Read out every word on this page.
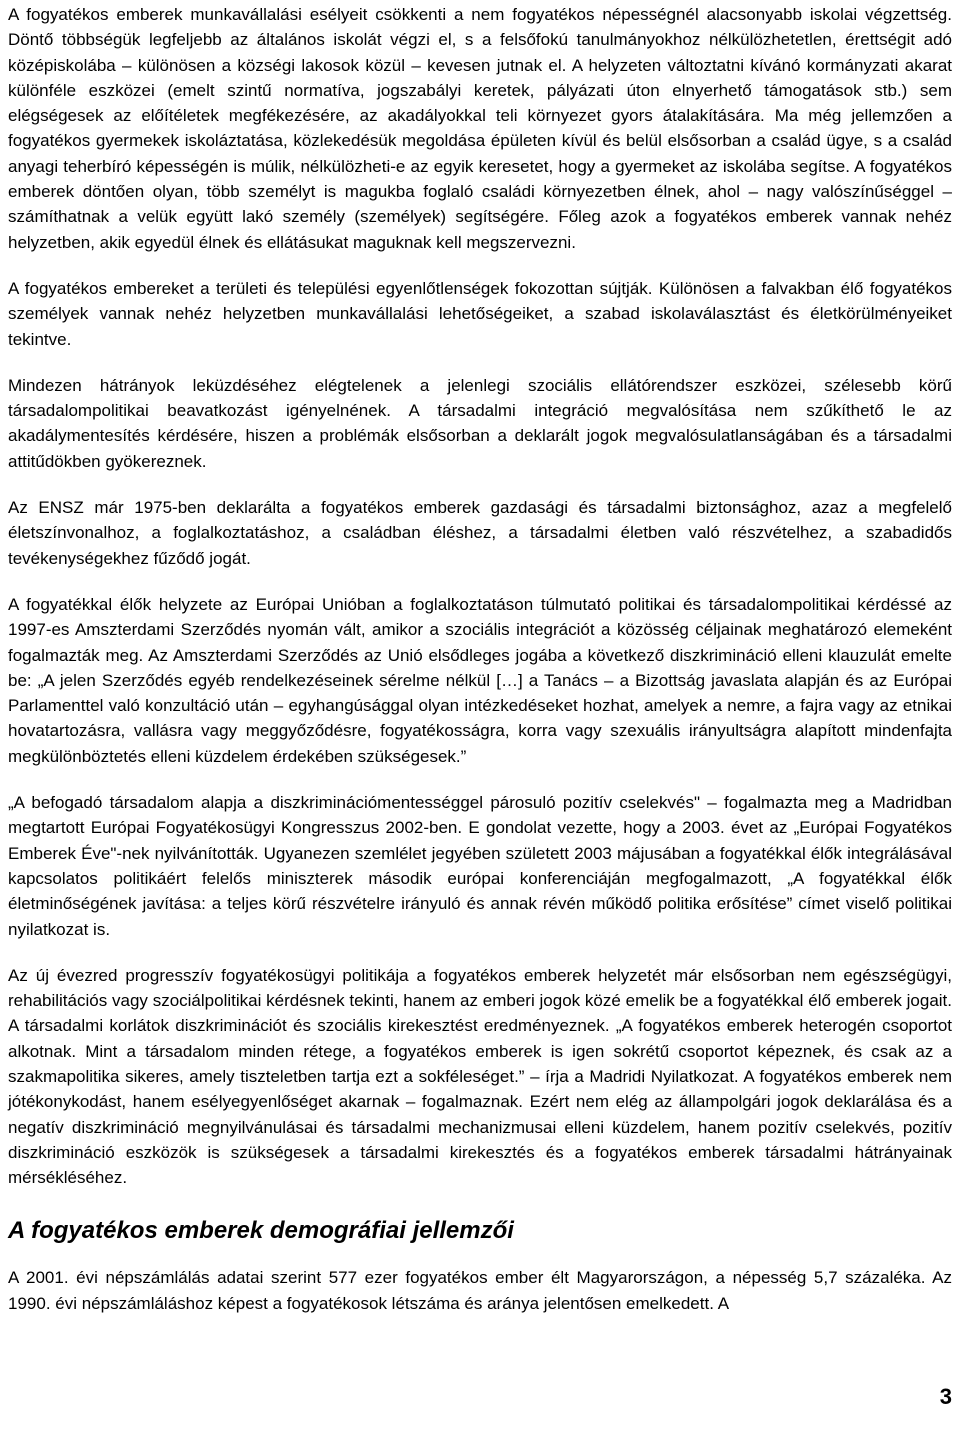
A fogyatékos emberek munkavállalási esélyeit csökkenti a nem fogyatékos népességnél alacsonyabb iskolai végzettség. Döntő többségük legfeljebb az általános iskolát végzi el, s a felsőfokú tanulmányokhoz nélkülözhetetlen, érettségit adó középiskolába – különösen a községi lakosok közül – kevesen jutnak el. A helyzeten változtatni kívánó kormányzati akarat különféle eszközei (emelt szintű normatíva, jogszabályi keretek, pályázati úton elnyerhető támogatások stb.) sem elégségesek az előítéletek megfékezésére, az akadályokkal teli környezet gyors átalakítására. Ma még jellemzően a fogyatékos gyermekek iskoláztatása, közlekedésük megoldása épületen kívül és belül elsősorban a család ügye, s a család anyagi teherbíró képességén is múlik, nélkülözheti-e az egyik keresetet, hogy a gyermeket az iskolába segítse. A fogyatékos emberek döntően olyan, több személyt is magukba foglaló családi környezetben élnek, ahol – nagy valószínűséggel – számíthatnak a velük együtt lakó személy (személyek) segítségére. Főleg azok a fogyatékos emberek vannak nehéz helyzetben, akik egyedül élnek és ellátásukat maguknak kell megszervezni.

A fogyatékos embereket a területi és települési egyenlőtlenségek fokozottan sújtják. Különösen a falvakban élő fogyatékos személyek vannak nehéz helyzetben munkavállalási lehetőségeiket, a szabad iskolaválasztást és életkörülményeiket tekintve.

Mindezen hátrányok leküzdéséhez elégtelenek a jelenlegi szociális ellátórendszer eszközei, szélesebb körű társadalompolitikai beavatkozást igényelnének. A társadalmi integráció megvalósítása nem szűkíthető le az akadálymentesítés kérdésére, hiszen a problémák elsősorban a deklarált jogok megvalósulatlanságában és a társadalmi attitűdökben gyökereznek.

Az ENSZ már 1975-ben deklarálta a fogyatékos emberek gazdasági és társadalmi biztonsághoz, azaz a megfelelő életszínvonalhoz, a foglalkoztatáshoz, a családban éléshez, a társadalmi életben való részvételhez, a szabadidős tevékenységekhez fűződő jogát.

A fogyatékkal élők helyzete az Európai Unióban a foglalkoztatáson túlmutató politikai és társadalompolitikai kérdéssé az 1997-es Amszterdami Szerződés nyomán vált, amikor a szociális integrációt a közösség céljainak meghatározó elemeként fogalmazták meg. Az Amszterdami Szerződés az Unió elsődleges jogába a következő diszkrimináció elleni klauzulát emelte be: „A jelen Szerződés egyéb rendelkezéseinek sérelme nélkül […] a Tanács – a Bizottság javaslata alapján és az Európai Parlamenttel való konzultáció után – egyhangúsággal olyan intézkedéseket hozhat, amelyek a nemre, a fajra vagy az etnikai hovatartozásra, vallásra vagy meggyőződésre, fogyatékosságra, korra vagy szexuális irányultságra alapított mindenfajta megkülönböztetés elleni küzdelem érdekében szükségesek.”

„A befogadó társadalom alapja a diszkriminációmentességgel párosuló pozitív cselekvés" – fogalmazta meg a Madridban megtartott Európai Fogyatékosügyi Kongresszus 2002-ben. E gondolat vezette, hogy a 2003. évet az „Európai Fogyatékos Emberek Éve"-nek nyilvánították. Ugyanezen szemlélet jegyében született 2003 májusában a fogyatékkal élők integrálásával kapcsolatos politikáért felelős miniszterek második európai konferenciáján megfogalmazott, „A fogyatékkal élők életminőségének javítása: a teljes körű részvételre irányuló és annak révén működő politika erősítése” címet viselő politikai nyilatkozat is.

Az új évezred progresszív fogyatékosügyi politikája a fogyatékos emberek helyzetét már elsősorban nem egészségügyi, rehabilitációs vagy szociálpolitikai kérdésnek tekinti, hanem az emberi jogok közé emelik be a fogyatékkal élő emberek jogait. A társadalmi korlátok diszkriminációt és szociális kirekesztést eredményeznek. „A fogyatékos emberek heterogén csoportot alkotnak. Mint a társadalom minden rétege, a fogyatékos emberek is igen sokrétű csoportot képeznek, és csak az a szakmapolitika sikeres, amely tiszteletben tartja ezt a sokféleséget.” – írja a Madridi Nyilatkozat. A fogyatékos emberek nem jótékonykodást, hanem esélyegyenlőséget akarnak – fogalmaznak. Ezért nem elég az állampolgári jogok deklarálása és a negatív diszkrimináció megnyilvánulásai és társadalmi mechanizmusai elleni küzdelem, hanem pozitív cselekvés, pozitív diszkrimináció eszközök is szükségesek a társadalmi kirekesztés és a fogyatékos emberek társadalmi hátrányainak mérsékléséhez.

A fogyatékos emberek demográfiai jellemzői

A 2001. évi népszámlálás adatai szerint 577 ezer fogyatékos ember élt Magyarországon, a népesség 5,7 százaléka. Az 1990. évi népszámláláshoz képest a fogyatékosok létszáma és aránya jelentősen emelkedett. A

3
